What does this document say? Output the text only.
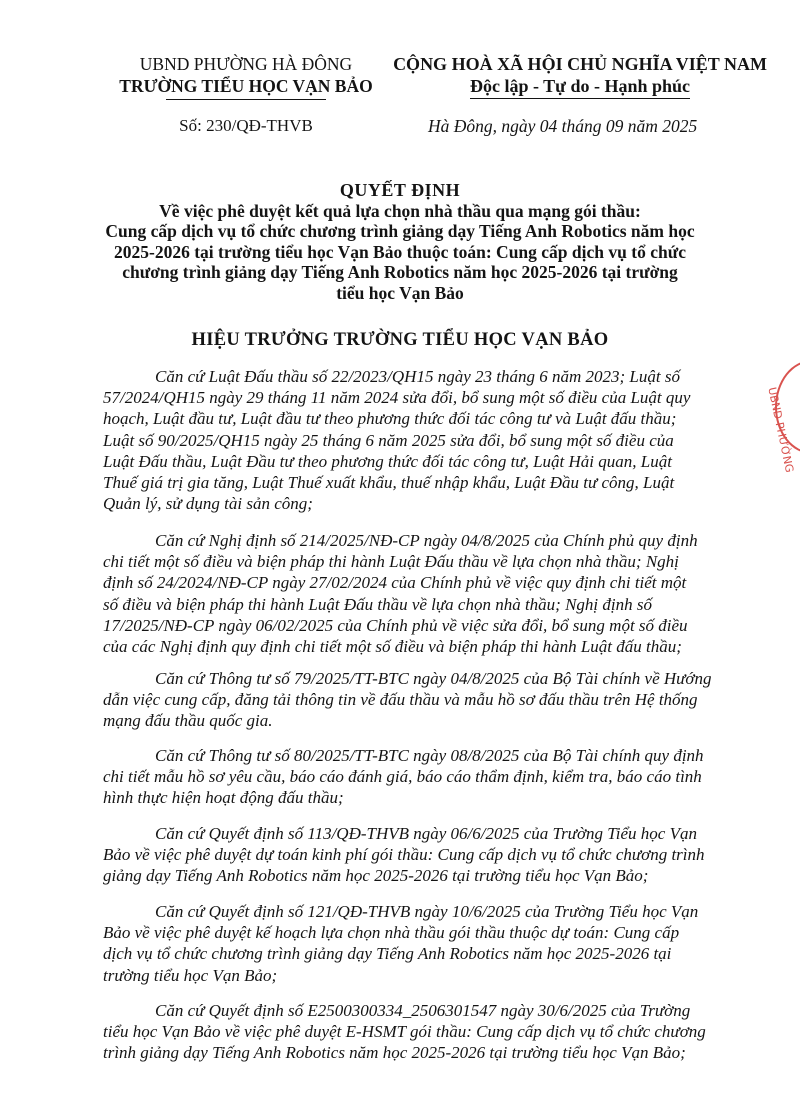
UBND PHƯỜNG HÀ ĐÔNG
TRƯỜNG TIỂU HỌC VẠN BẢO
CỘNG HOÀ XÃ HỘI CHỦ NGHĨA VIỆT NAM
Độc lập - Tự do - Hạnh phúc
Số: 230/QĐ-THVB	Hà Đông, ngày 04 tháng 09 năm 2025
QUYẾT ĐỊNH
Về việc phê duyệt kết quả lựa chọn nhà thầu qua mạng gói thầu:
Cung cấp dịch vụ tổ chức chương trình giảng dạy Tiếng Anh Robotics năm học
2025-2026 tại trường tiểu học Vạn Bảo thuộc toán: Cung cấp dịch vụ tổ chức
chương trình giảng dạy Tiếng Anh Robotics năm học 2025-2026 tại trường
tiểu học Vạn Bảo
HIỆU TRƯỞNG TRƯỜNG TIỂU HỌC VẠN BẢO
Căn cứ Luật Đấu thầu số 22/2023/QH15 ngày 23 tháng 6 năm 2023; Luật số
57/2024/QH15 ngày 29 tháng 11 năm 2024 sửa đổi, bổ sung một số điều của Luật quy
hoạch, Luật đầu tư, Luật đầu tư theo phương thức đối tác công tư và Luật đấu thầu;
Luật số 90/2025/QH15 ngày 25 tháng 6 năm 2025 sửa đổi, bổ sung một số điều của
Luật Đấu thầu, Luật Đầu tư theo phương thức đối tác công tư, Luật Hải quan, Luật
Thuế giá trị gia tăng, Luật Thuế xuất khẩu, thuế nhập khẩu, Luật Đầu tư công, Luật
Quản lý, sử dụng tài sản công;
Căn cứ Nghị định số 214/2025/NĐ-CP ngày 04/8/2025 của Chính phủ quy định
chi tiết một số điều và biện pháp thi hành Luật Đấu thầu về lựa chọn nhà thầu; Nghị
định số 24/2024/NĐ-CP ngày 27/02/2024 của Chính phủ về việc quy định chi tiết một
số điều và biện pháp thi hành Luật Đấu thầu về lựa chọn nhà thầu; Nghị định số
17/2025/NĐ-CP ngày 06/02/2025 của Chính phủ về việc sửa đổi, bổ sung một số điều
của các Nghị định quy định chi tiết một số điều và biện pháp thi hành Luật đấu thầu;
Căn cứ Thông tư số 79/2025/TT-BTC ngày 04/8/2025 của Bộ Tài chính về Hướng
dẫn việc cung cấp, đăng tải thông tin về đấu thầu và mẫu hồ sơ đấu thầu trên Hệ thống
mạng đấu thầu quốc gia.
Căn cứ Thông tư số 80/2025/TT-BTC ngày 08/8/2025 của Bộ Tài chính quy định
chi tiết mẫu hồ sơ yêu cầu, báo cáo đánh giá, báo cáo thẩm định, kiểm tra, báo cáo tình
hình thực hiện hoạt động đấu thầu;
Căn cứ Quyết định số 113/QĐ-THVB ngày 06/6/2025 của Trường Tiểu học Vạn
Bảo về việc phê duyệt dự toán kinh phí gói thầu: Cung cấp dịch vụ tổ chức chương trình
giảng dạy Tiếng Anh Robotics năm học 2025-2026 tại trường tiểu học Vạn Bảo;
Căn cứ Quyết định số 121/QĐ-THVB ngày 10/6/2025 của Trường Tiểu học Vạn
Bảo về việc phê duyệt kế hoạch lựa chọn nhà thầu gói thầu thuộc dự toán: Cung cấp
dịch vụ tổ chức chương trình giảng dạy Tiếng Anh Robotics năm học 2025-2026 tại
trường tiểu học Vạn Bảo;
Căn cứ Quyết định số E2500300334_2506301547 ngày 30/6/2025 của Trường
tiểu học Vạn Bảo về việc phê duyệt E-HSMT gói thầu: Cung cấp dịch vụ tổ chức chương
trình giảng dạy Tiếng Anh Robotics năm học 2025-2026 tại trường tiểu học Vạn Bảo;
UBND PHƯỜNG
